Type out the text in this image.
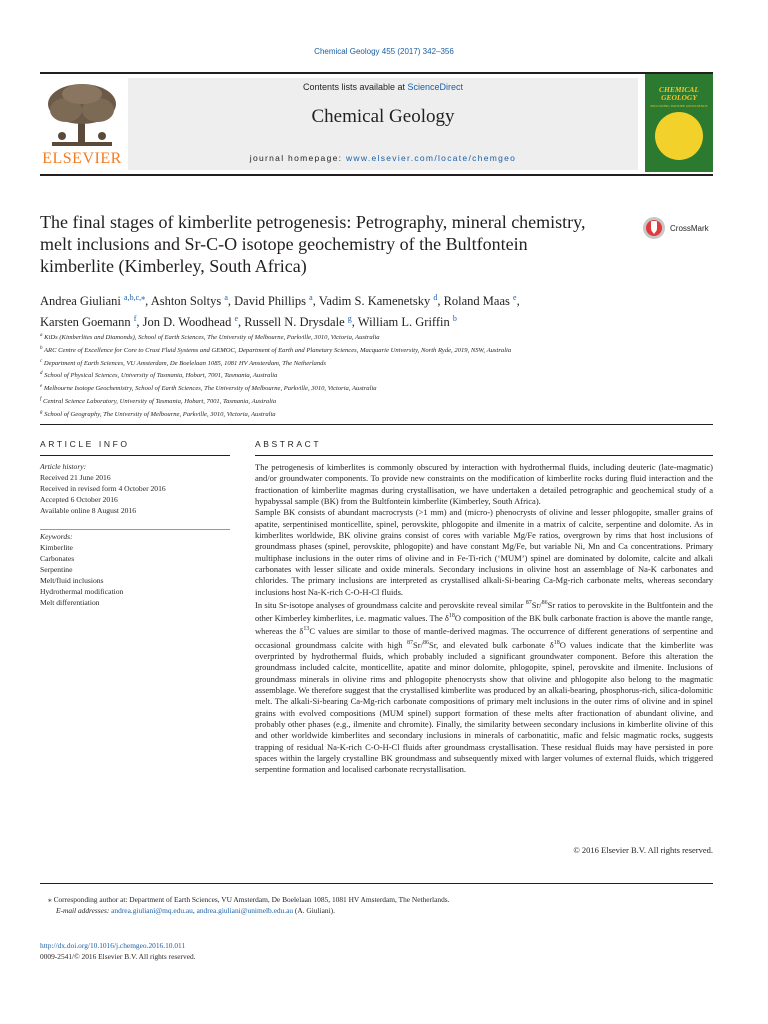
Chemical Geology 455 (2017) 342–356
ELSEVIER
Contents lists available at ScienceDirect
Chemical Geology
journal homepage: www.elsevier.com/locate/chemgeo
CHEMICAL GEOLOGY
INCLUDING ISOTOPE GEOSCIENCE
The final stages of kimberlite petrogenesis: Petrography, mineral chemistry, melt inclusions and Sr-C-O isotope geochemistry of the Bultfontein kimberlite (Kimberley, South Africa)
CrossMark
Andrea Giuliani $^{a,b,c,⁎}$, Ashton Soltys $^a$, David Phillips $^a$, Vadim S. Kamenetsky $^d$, Roland Maas $^e$,
Karsten Goemann $^f$, Jon D. Woodhead $^e$, Russell N. Drysdale $^g$, William L. Griffin $^b$
$^a$ KiDs (Kimberlites and Diamonds), School of Earth Sciences, The University of Melbourne, Parkville, 3010, Victoria, Australia
$^b$ ARC Centre of Excellence for Core to Crust Fluid Systems and GEMOC, Department of Earth and Planetary Sciences, Macquarie University, North Ryde, 2019, NSW, Australia
$^c$ Department of Earth Sciences, VU Amsterdam, De Boelelaan 1085, 1081 HV Amsterdam, The Netherlands
$^d$ School of Physical Sciences, University of Tasmania, Hobart, 7001, Tasmania, Australia
$^e$ Melbourne Isotope Geochemistry, School of Earth Sciences, The University of Melbourne, Parkville, 3010, Victoria, Australia
$^f$ Central Science Laboratory, University of Tasmania, Hobart, 7001, Tasmania, Australia
$^g$ School of Geography, The University of Melbourne, Parkville, 3010, Victoria, Australia
ARTICLE INFO
Article history:
Received 21 June 2016
Received in revised form 4 October 2016
Accepted 6 October 2016
Available online 8 August 2016
Keywords:
Kimberlite
Carbonates
Serpentine
Melt/fluid inclusions
Hydrothermal modification
Melt differentiation
ABSTRACT

The petrogenesis of kimberlites is commonly obscured by interaction with hydrothermal fluids, including deuteric (late-magmatic) and/or groundwater components. To provide new constraints on the modification of kimberlite rocks during fluid interaction and the fractionation of kimberlite magmas during crystallisation, we have undertaken a detailed petrographic and geochemical study of a hypabyssal sample (BK) from the Bultfontein kimberlite (Kimberley, South Africa).

Sample BK consists of abundant macrocrysts (>1 mm) and (micro-) phenocrysts of olivine and lesser phlogopite, smaller grains of apatite, serpentinised monticellite, spinel, perovskite, phlogopite and ilmenite in a matrix of calcite, serpentine and dolomite. As in kimberlites worldwide, BK olivine grains consist of cores with variable Mg/Fe ratios, overgrown by rims that host inclusions of groundmass phases (spinel, perovskite, phlogopite) and have constant Mg/Fe, but variable Ni, Mn and Ca concentrations. Primary multiphase inclusions in the outer rims of olivine and in Fe-Ti-rich (‘MUM’) spinel are dominated by dolomite, calcite and alkali carbonates with lesser silicate and oxide minerals. Secondary inclusions in olivine host an assemblage of Na-K carbonates and chlorides. The primary inclusions are interpreted as crystallised alkali-Si-bearing Ca-Mg-rich carbonate melts, whereas secondary inclusions host Na-K-rich C-O-H-Cl fluids.

In situ Sr-isotope analyses of groundmass calcite and perovskite reveal similar $^{87}$Sr/$^{86}$Sr ratios to perovskite in the Bultfontein and the other Kimberley kimberlites, i.e. magmatic values. The $\delta^{18}O$ composition of the BK bulk carbonate fraction is above the mantle range, whereas the $\delta^{13}C$ values are similar to those of mantle-derived magmas. The occurrence of different generations of serpentine and occasional groundmass calcite with high $^{87}$Sr/$^{86}$Sr, and elevated bulk carbonate $\delta^{18}O$ values indicate that the kimberlite was overprinted by hydrothermal fluids, which probably included a significant groundwater component. Before this alteration the groundmass included calcite, monticellite, apatite and minor dolomite, phlogopite, spinel, perovskite and ilmenite. Inclusions of groundmass minerals in olivine rims and phlogopite phenocrysts show that olivine and phlogopite also belong to the magmatic assemblage. We therefore suggest that the crystallised kimberlite was produced by an alkali-bearing, phosphorus-rich, silica-dolomitic melt. The alkali-Si-bearing Ca-Mg-rich carbonate compositions of primary melt inclusions in the outer rims of olivine and in spinel grains with evolved compositions (MUM spinel) support formation of these melts after fractionation of abundant olivine, and probably other phases (e.g., ilmenite and chromite). Finally, the similarity between secondary inclusions in kimberlite olivine of this and other worldwide kimberlites and secondary inclusions in minerals of carbonatitic, mafic and felsic magmatic rocks, suggests trapping of residual Na-K-rich C-O-H-Cl fluids after groundmass crystallisation. These residual fluids may have persisted in pore spaces within the largely crystalline BK groundmass and subsequently mixed with larger volumes of external fluids, which triggered serpentine formation and localised carbonate recrystallisation.

© 2016 Elsevier B.V. All rights reserved.
⁎ Corresponding author at: Department of Earth Sciences, VU Amsterdam, De Boelelaan 1085, 1081 HV Amsterdam, The Netherlands.
E-mail addresses: andrea.giuliani@mq.edu.au, andrea.giuliani@unimelb.edu.au (A. Giuliani).
http://dx.doi.org/10.1016/j.chemgeo.2016.10.011
0009-2541/© 2016 Elsevier B.V. All rights reserved.
